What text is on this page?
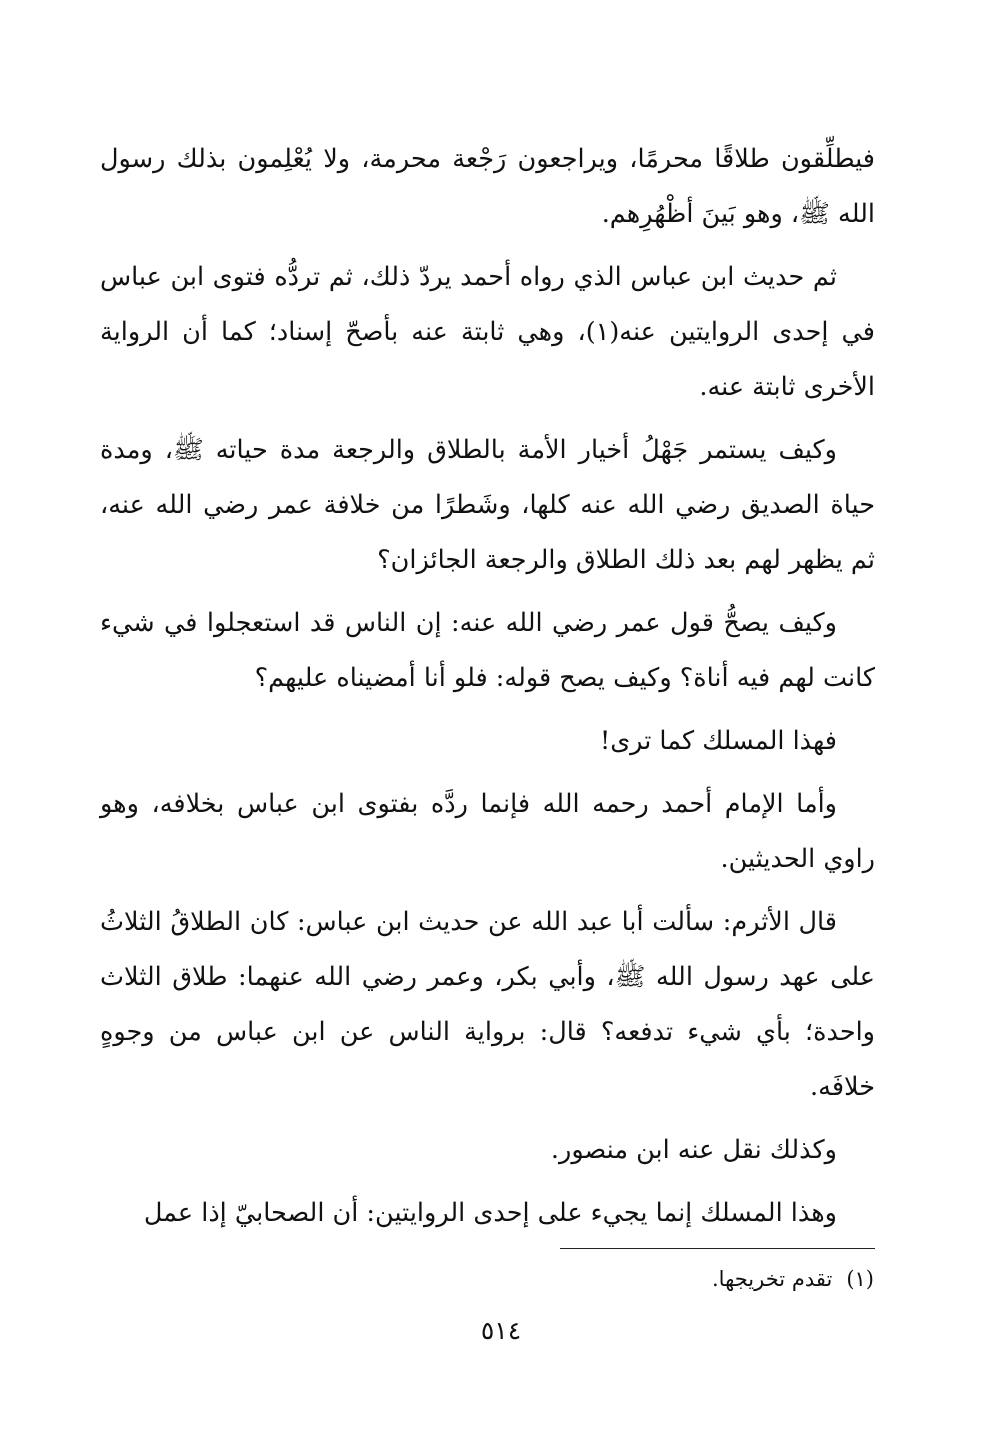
فيطلِّقون طلاقًا محرمًا، ويراجعون رَجْعة محرمة، ولا يُعْلِمون بذلك رسول الله ﷺ، وهو بَينَ أظْهُرِهم.

ثم حديث ابن عباس الذي رواه أحمد يردّ ذلك، ثم تردُّه فتوى ابن عباس في إحدى الروايتين عنه(١)، وهي ثابتة عنه بأصحّ إسناد؛ كما أن الرواية الأخرى ثابتة عنه.

وكيف يستمر جَهْلُ أخيار الأمة بالطلاق والرجعة مدة حياته ﷺ، ومدة حياة الصديق رضي الله عنه كلها، وشَطرًا من خلافة عمر رضي الله عنه، ثم يظهر لهم بعد ذلك الطلاق والرجعة الجائزان؟

وكيف يصحُّ قول عمر رضي الله عنه: إن الناس قد استعجلوا في شيء كانت لهم فيه أناة؟ وكيف يصح قوله: فلو أنا أمضيناه عليهم؟

فهذا المسلك كما ترى!

وأما الإمام أحمد رحمه الله فإنما ردَّه بفتوى ابن عباس بخلافه، وهو راوي الحديثين.

قال الأثرم: سألت أبا عبد الله عن حديث ابن عباس: كان الطلاقُ الثلاثُ على عهد رسول الله ﷺ، وأبي بكر، وعمر رضي الله عنهما: طلاق الثلاث واحدة؛ بأي شيء تدفعه؟ قال: برواية الناس عن ابن عباس من وجوهٍ خلافَه.

وكذلك نقل عنه ابن منصور.

وهذا المسلك إنما يجيء على إحدى الروايتين: أن الصحابيّ إذا عمل

(١)تقدم تخريجها.
٥١٤
